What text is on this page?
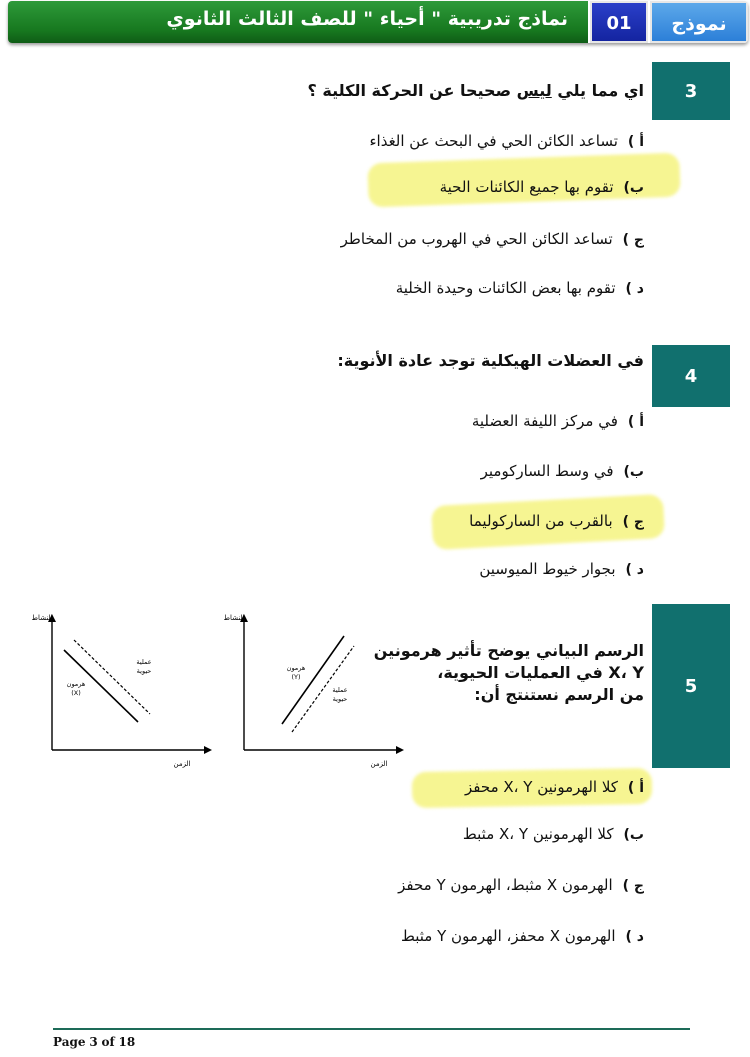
نماذج تدريبية " أحياء " للصف الثالث الثانوي	01	نموذج
3
اي مما يلي ليس صحيحا عن الحركة الكلية ؟
أ )تساعد الكائن الحي في البحث عن الغذاء
ب)تقوم بها جميع الكائنات الحية
ج )تساعد الكائن الحي في الهروب من المخاطر
د )تقوم بها بعض الكائنات وحيدة الخلية
4
في العضلات الهيكلية توجد عادة الأنوية:
أ )في مركز الليفة العضلية
ب)في وسط الساركومير
ج )بالقرب من الساركوليما
د )بجوار خيوط الميوسين
5
الرسم البياني يوضح تأثير هرمونين
X، Y في العمليات الحيوية،
من الرسم نستنتج أن:
النشاط
الزمن
هرمون
(X)
عملية
حيوية
النشاط
الزمن
هرمون
(Y)
عملية
حيوية
أ )كلا الهرمونين X، Y محفز
ب)كلا الهرمونين X، Y مثبط
ج )الهرمون X مثبط، الهرمون Y محفز
د )الهرمون X محفز، الهرمون Y مثبط
Page 3 of 18
